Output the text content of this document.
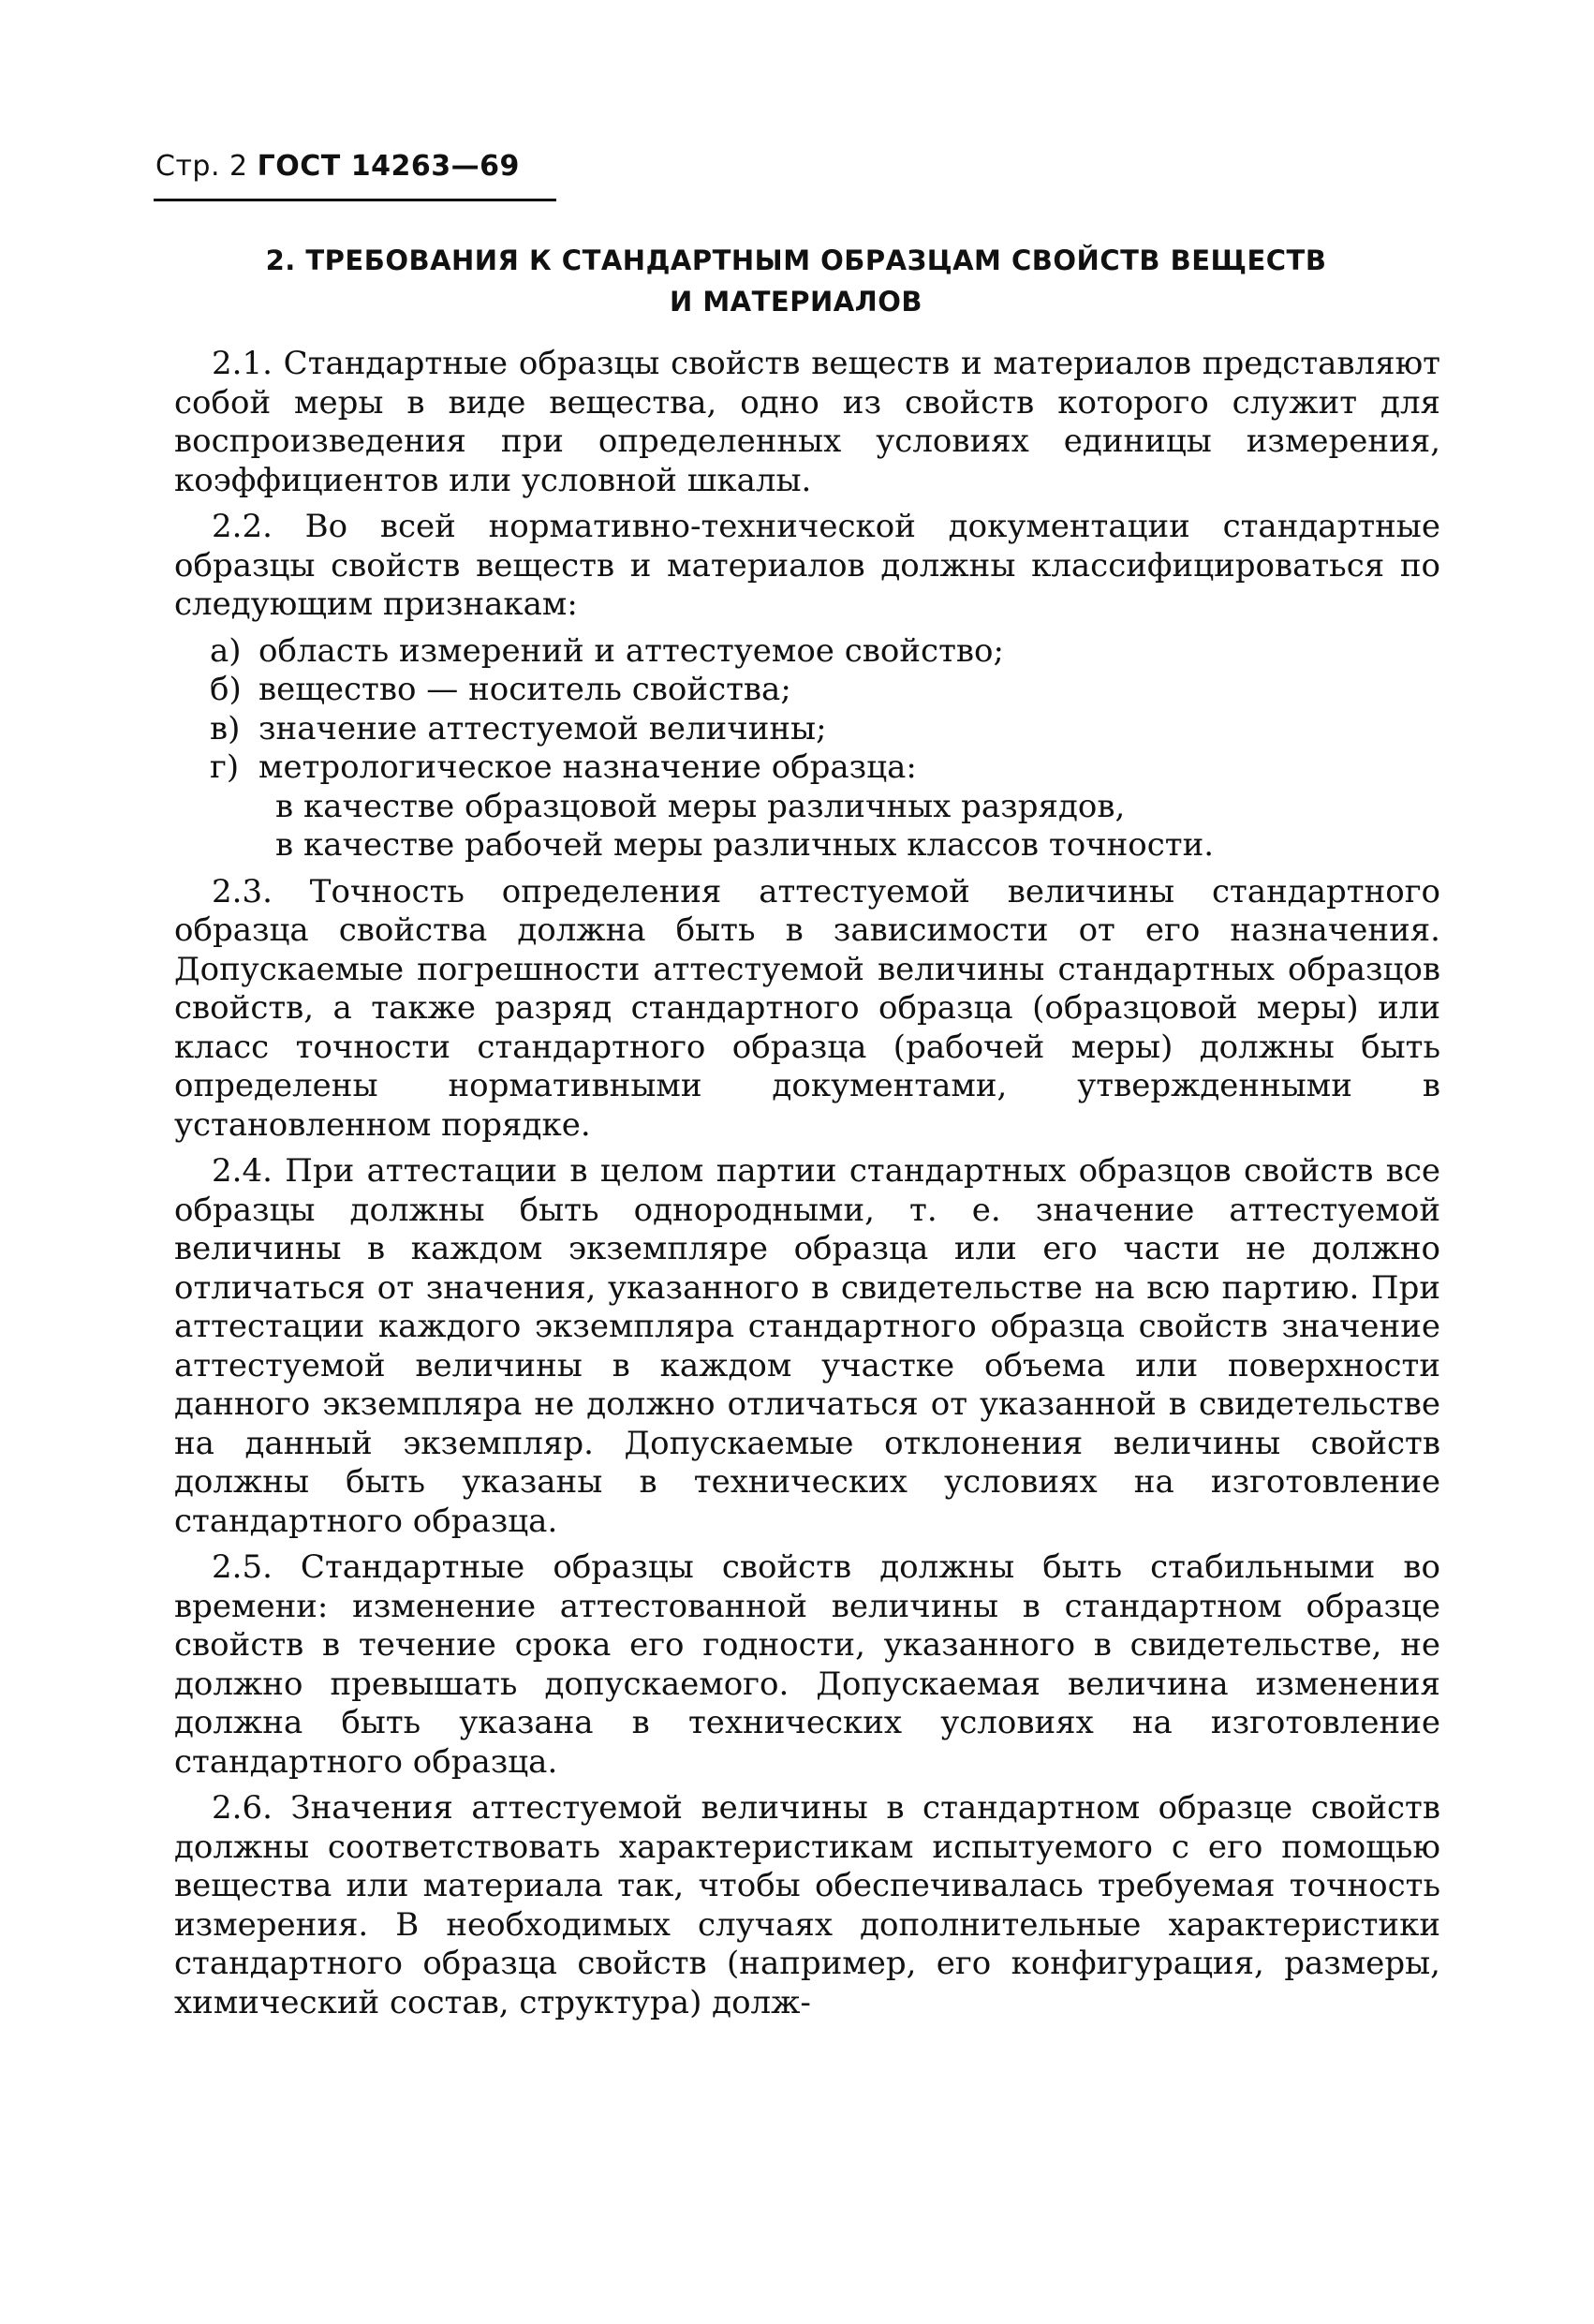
Стр. 2 ГОСТ 14263—69
2. ТРЕБОВАНИЯ К СТАНДАРТНЫМ ОБРАЗЦАМ СВОЙСТВ ВЕЩЕСТВ
И МАТЕРИАЛОВ

2.1. Стандартные образцы свойств веществ и материалов представляют собой меры в виде вещества, одно из свойств которого служит для воспроизведения при определенных условиях единицы измерения, коэффициентов или условной шкалы.

2.2. Во всей нормативно-технической документации стандартные образцы свойств веществ и материалов должны классифицироваться по следующим признакам:

а) область измерений и аттестуемое свойство;
б) вещество — носитель свойства;
в) значение аттестуемой величины;
г) метрологическое назначение образца:
в качестве образцовой меры различных разрядов,
в качестве рабочей меры различных классов точности.

2.3. Точность определения аттестуемой величины стандартного образца свойства должна быть в зависимости от его назначения. Допускаемые погрешности аттестуемой величины стандартных образцов свойств, а также разряд стандартного образца (образцовой меры) или класс точности стандартного образца (рабочей меры) должны быть определены нормативными документами, утвержденными в установленном порядке.

2.4. При аттестации в целом партии стандартных образцов свойств все образцы должны быть однородными, т. е. значение аттестуемой величины в каждом экземпляре образца или его части не должно отличаться от значения, указанного в свидетельстве на всю партию. При аттестации каждого экземпляра стандартного образца свойств значение аттестуемой величины в каждом участке объема или поверхности данного экземпляра не должно отличаться от указанной в свидетельстве на данный экземпляр. Допускаемые отклонения величины свойств должны быть указаны в технических условиях на изготовление стандартного образца.

2.5. Стандартные образцы свойств должны быть стабильными во времени: изменение аттестованной величины в стандартном образце свойств в течение срока его годности, указанного в свидетельстве, не должно превышать допускаемого. Допускаемая величина изменения должна быть указана в технических условиях на изготовление стандартного образца.

2.6. Значения аттестуемой величины в стандартном образце свойств должны соответствовать характеристикам испытуемого с его помощью вещества или материала так, чтобы обеспечивалась требуемая точность измерения. В необходимых случаях дополнительные характеристики стандартного образца свойств (например, его конфигурация, размеры, химический состав, структура) долж-
